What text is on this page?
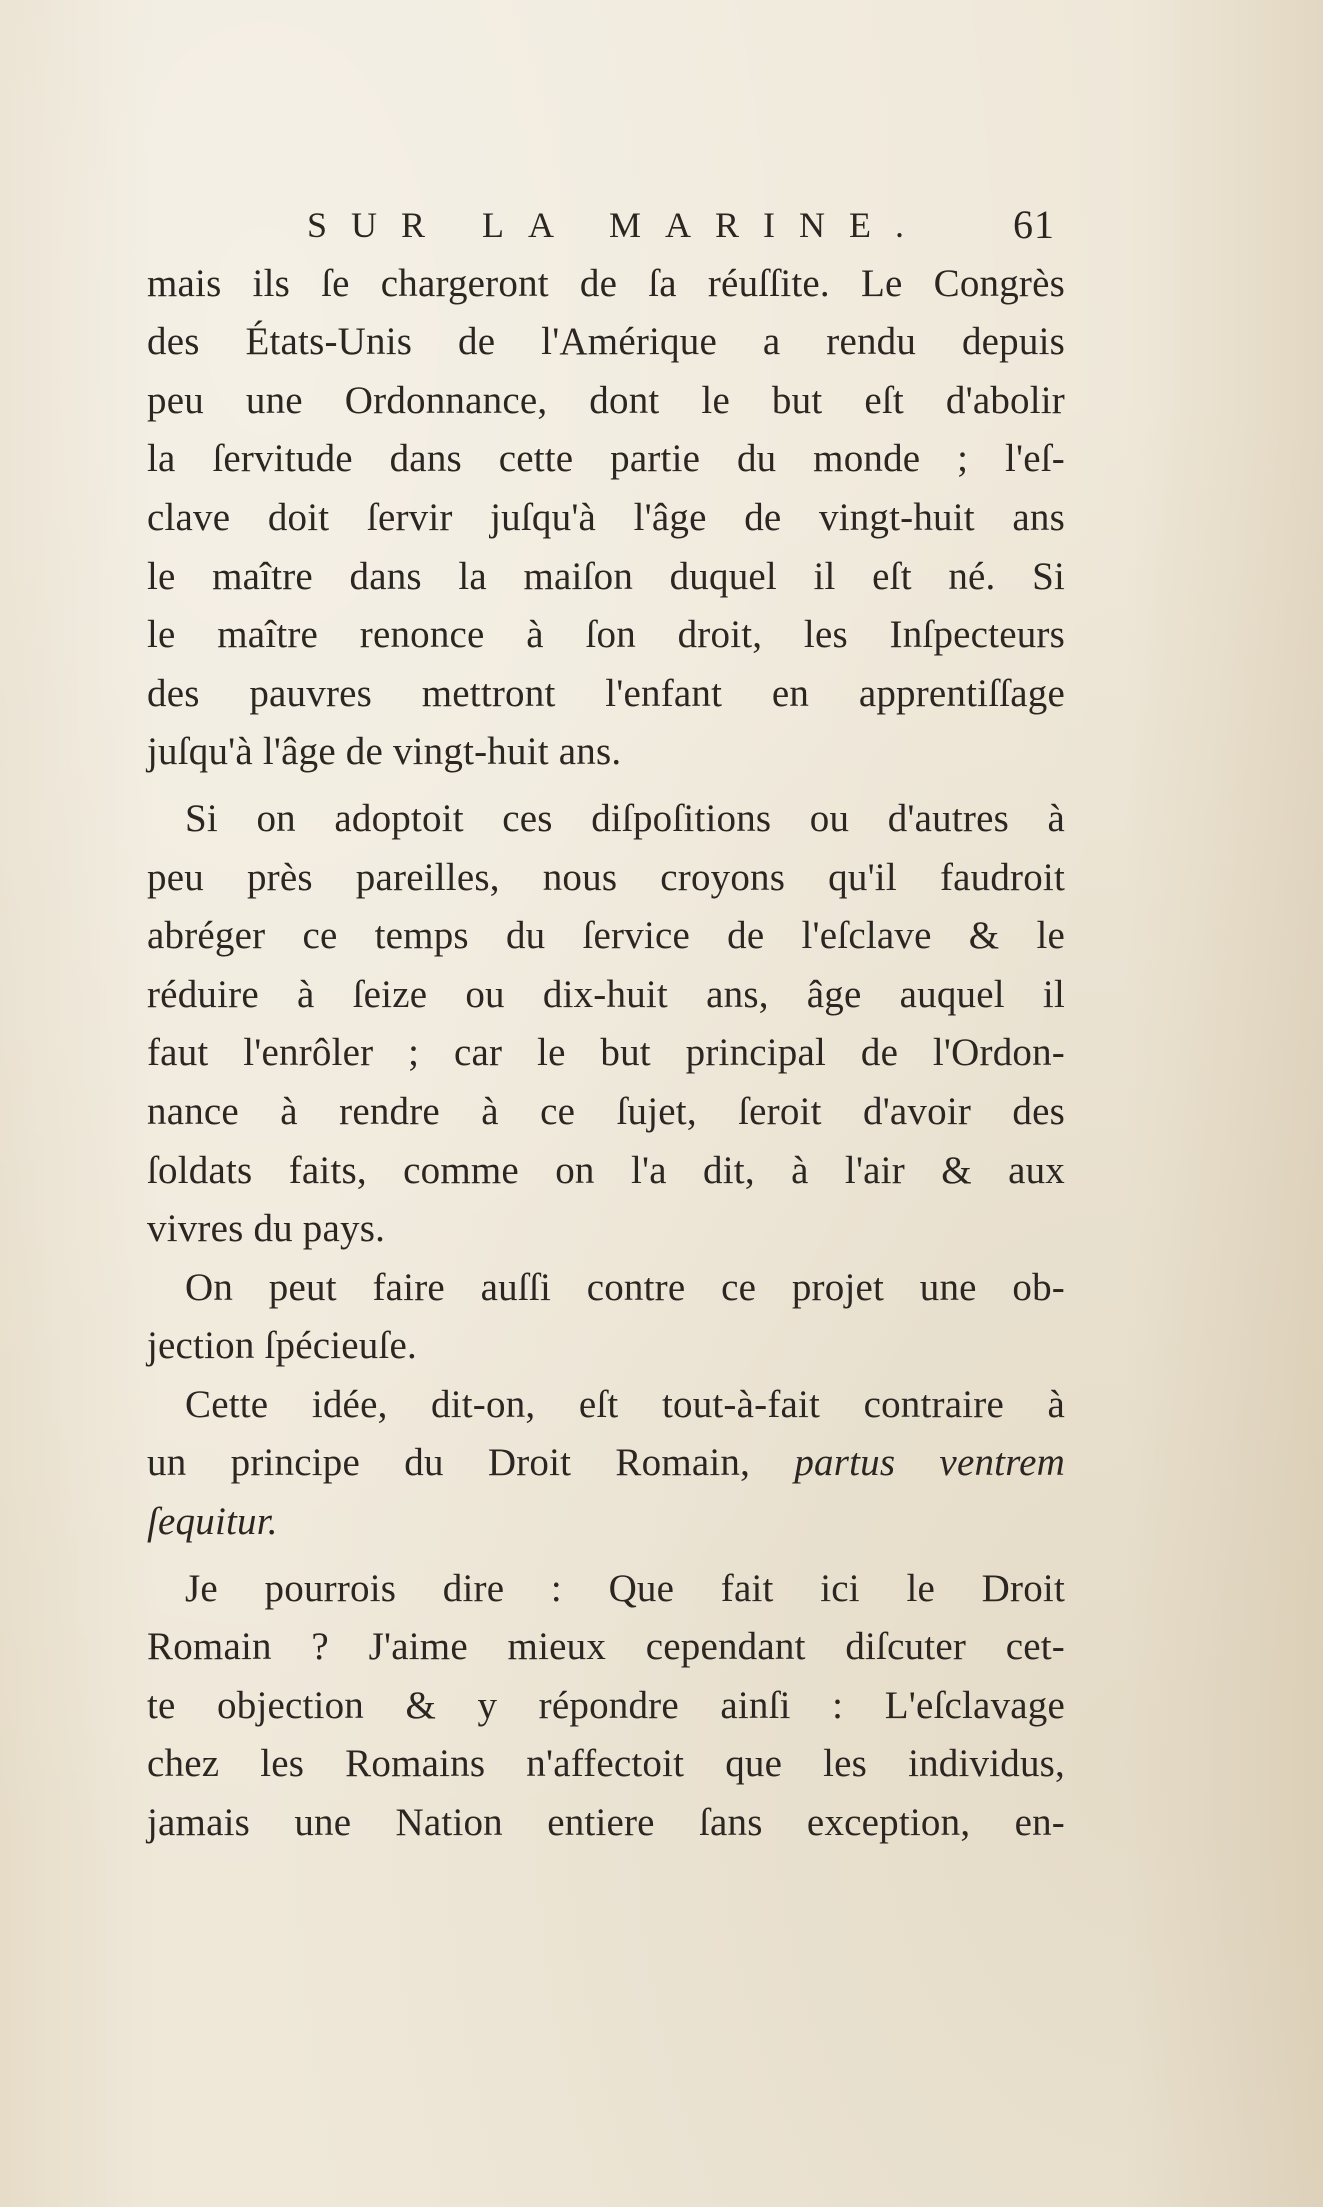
SUR LA MARINE. 61
mais ils ſe chargeront de ſa réuſſite. Le Congrès
des États-Unis de l'Amérique a rendu depuis
peu une Ordonnance, dont le but eſt d'abolir
la ſervitude dans cette partie du monde ; l'eſ-
clave doit ſervir juſqu'à l'âge de vingt-huit ans
le maître dans la maiſon duquel il eſt né. Si
le maître renonce à ſon droit, les Inſpecteurs
des pauvres mettront l'enfant en apprentiſſage
juſqu'à l'âge de vingt-huit ans.
Si on adoptoit ces diſpoſitions ou d'autres à
peu près pareilles, nous croyons qu'il faudroit
abréger ce temps du ſervice de l'eſclave & le
réduire à ſeize ou dix-huit ans, âge auquel il
faut l'enrôler ; car le but principal de l'Ordon-
nance à rendre à ce ſujet, ſeroit d'avoir des
ſoldats faits, comme on l'a dit, à l'air & aux
vivres du pays.
On peut faire auſſi contre ce projet une ob-
jection ſpécieuſe.
Cette idée, dit-on, eſt tout-à-fait contraire à
un principe du Droit Romain, partus ventrem
ſequitur.
Je pourrois dire : Que fait ici le Droit
Romain ? J'aime mieux cependant diſcuter cet-
te objection & y répondre ainſi : L'eſclavage
chez les Romains n'affectoit que les individus,
jamais une Nation entiere ſans exception, en-
